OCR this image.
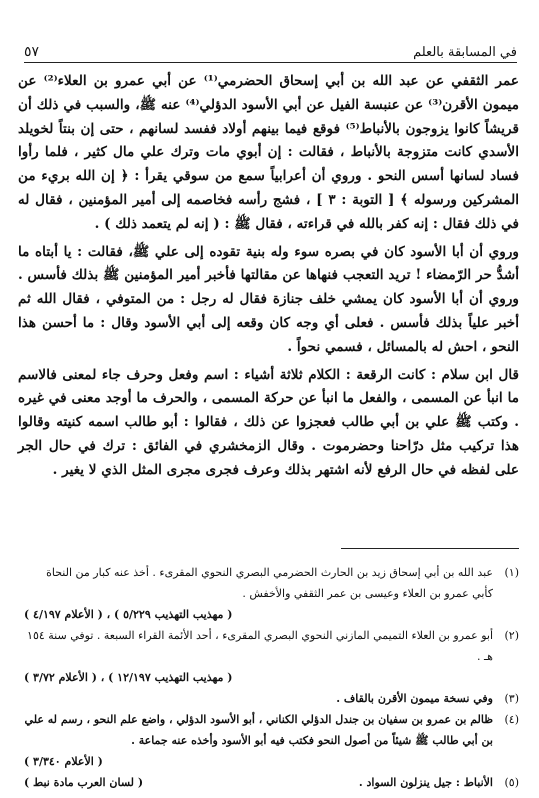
في المسابقة بالعلم
٥٧

عمر الثقفي عن عبد الله بن أبي إسحاق الحضرمي⁽¹⁾ عن أبي عمرو بن العلاء⁽²⁾ عن ميمون الأقرن⁽³⁾ عن عنبسة الفيل عن أبي الأسود الدؤلي⁽⁴⁾ عنه ﷺ، والسبب في ذلك أن قريشاً كانوا يزوجون بالأنباط⁽⁵⁾ فوقع فيما بينهم أولاد ففسد لسانهم ، حتى إن بنتاً لخويلد الأسدي كانت متزوجة بالأنباط ، فقالت : إن أبوي مات وترك علي مال كثير ، فلما رأوا فساد لسانها أسس النحو . وروي أن أعرابياً سمع من سوقي يقرأ : ﴿ إن الله بريء من المشركين ورسوله ﴾ [ التوبة : ٣ ] ، فشج رأسه فخاصمه إلى أمير المؤمنين ، فقال له في ذلك فقال : إنه كفر بالله في قراءته ، فقال ﷺ : ( إنه لم يتعمد ذلك ) .

وروي أن أبا الأسود كان في بصره سوء وله بنية تقوده إلى علي ﷺ، فقالت : يا أبتاه ما أشدُّ حر الرّمضاء ! تريد التعجب فنهاها عن مقالتها فأخبر أمير المؤمنين ﷺ بذلك فأسس . وروي أن أبا الأسود كان يمشي خلف جنازة فقال له رجل : من المتوفي ، فقال الله ثم أخبر علياً بذلك فأسس . فعلى أي وجه كان وقعه إلى أبي الأسود وقال : ما أحسن هذا النحو ، احش له بالمسائل ، فسمي نحواً .

قال ابن سلام : كانت الرقعة : الكلام ثلاثة أشياء : اسم وفعل وحرف جاء لمعنى فالاسم ما انبأ عن المسمى ، والفعل ما انبأ عن حركة المسمى ، والحرف ما أوجد معنى في غيره . وكتب ﷺ علي بن أبي طالب فعجزوا عن ذلك ، فقالوا : أبو طالب اسمه كنيته وقالوا هذا تركيب مثل درّاحنا وحضرموت . وقال الزمخشري في الفائق : ترك في حال الجر على لفظه في حال الرفع لأنه اشتهر بذلك وعرف فجرى مجرى المثل الذي لا يغير .

(١)
عبد الله بن أبي إسحاق زيد بن الحارث الحضرمي البصري النحوي المقرىء . أخذ عنه كبار من النحاة كأبي عمرو بن العلاء وعيسى بن عمر الثقفي والأخفش .
( مهذيب التهذيب ٥/٢٢٩ ) ، ( الأعلام ٤/١٩٧ )
(٢)
أبو عمرو بن العلاء التميمي المازني النحوي البصري المقرىء ، أحد الأئمة القراء السبعة . توفي سنة ١٥٤ هـ .
( مهذيب التهذيب ١٢/١٩٧ ) ، ( الأعلام ٣/٧٢ )
(٣)
وفي نسخة ميمون الأقرن بالقاف .
(٤)
ظالم بن عمرو بن سفيان بن جندل الدؤلي الكناني ، أبو الأسود الدؤلي ، واضع علم النحو ، رسم له علي بن أبي طالب ﷺ شيئاً من أصول النحو فكتب فيه أبو الأسود وأخذه عنه جماعة .
( الأعلام ٣/٣٤٠ )
(٥)
الأنباط : جيل ينزلون السواد .
( لسان العرب مادة نبط )
